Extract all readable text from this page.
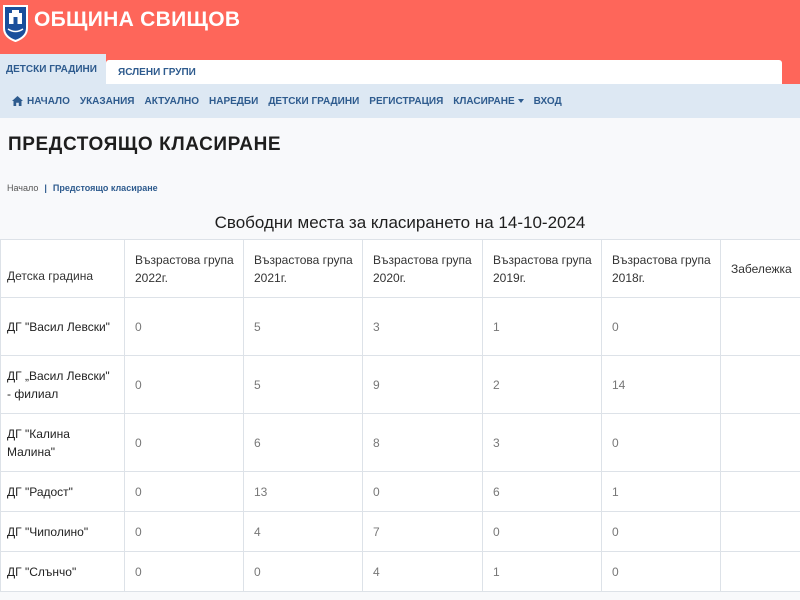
ОБЩИНА СВИЩОВ
ДЕТСКИ ГРАДИНИ	ЯСЛЕНИ ГРУПИ
НАЧАЛО УКАЗАНИЯ АКТУАЛНО НАРЕДБИ ДЕТСКИ ГРАДИНИ РЕГИСТРАЦИЯ КЛАСИРАНЕ ВХОД
ПРЕДСТОЯЩО КЛАСИРАНЕ
Начало | Предстоящо класиране
Свободни места за класирането на 14-10-2024
Детска градина	Възрастова група 2022г.	Възрастова група 2021г.	Възрастова група 2020г.	Възрастова група 2019г.	Възрастова група 2018г.	Забележка
ДГ "Васил Левски"	0	5	3	1	0	
ДГ „Васил Левски" - филиал	0	5	9	2	14	
ДГ "Калина Малина"	0	6	8	3	0	
ДГ "Радост"	0	13	0	6	1	
ДГ "Чиполино"	0	4	7	0	0	
ДГ "Слънчо"	0	0	4	1	0	
